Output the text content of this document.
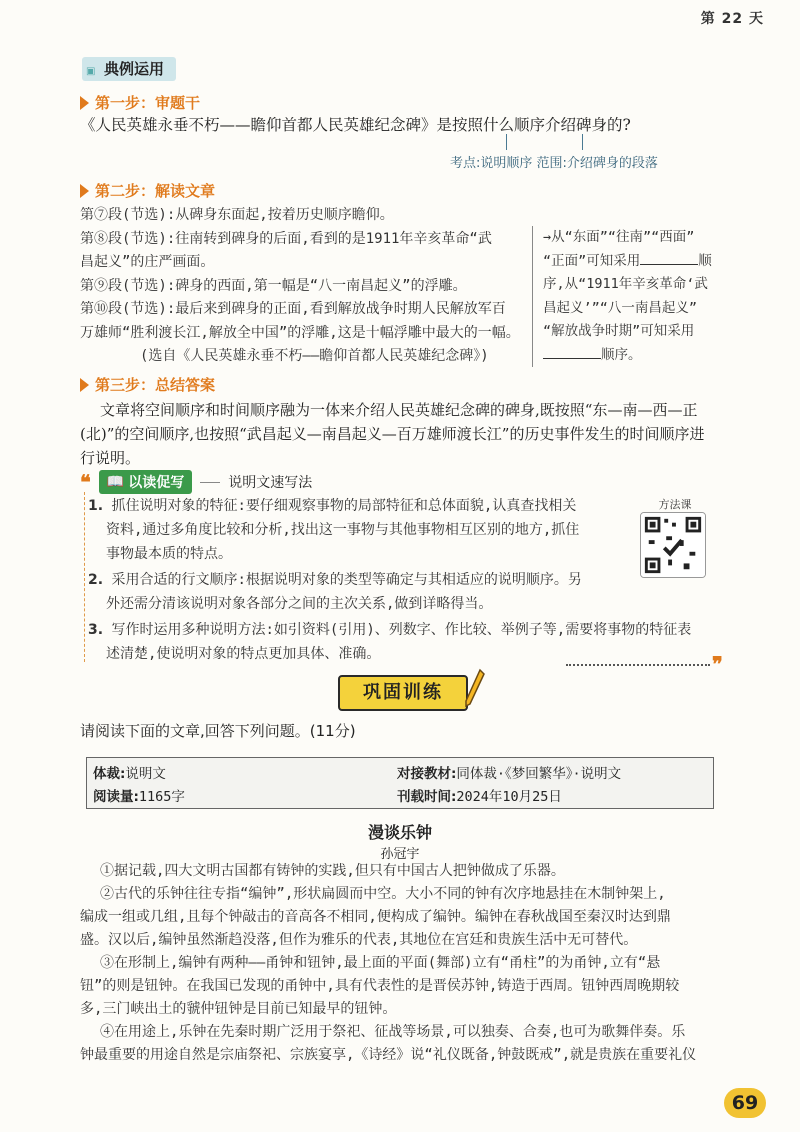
第 22 天
▣ 典例运用
第一步：审题干
《人民英雄永垂不朽——瞻仰首都人民英雄纪念碑》是按照什么顺序介绍碑身的?
考点:说明顺序 范围:介绍碑身的段落
第二步：解读文章
第⑦段(节选):从碑身东面起,按着历史顺序瞻仰。
第⑧段(节选):往南转到碑身的后面,看到的是1911年辛亥革命“武
昌起义”的庄严画面。
第⑨段(节选):碑身的西面,第一幅是“八一南昌起义”的浮雕。
第⑩段(节选):最后来到碑身的正面,看到解放战争时期人民解放军百
万雄师“胜利渡长江,解放全中国”的浮雕,这是十幅浮雕中最大的一幅。
(选自《人民英雄永垂不朽——瞻仰首都人民英雄纪念碑》)
→从“东面”“往南”“西面”
“正面”可知采用	顺
序,从“1911年辛亥革命‘武
昌起义’”“八一南昌起义”
“解放战争时期”可知采用
顺序。
第三步：总结答案
文章将空间顺序和时间顺序融为一体来介绍人民英雄纪念碑的碑身,既按照“东—南—西—正
(北)”的空间顺序,也按照“武昌起义—南昌起义—百万雄师渡长江”的历史事件发生的时间顺序进
行说明。
❝ 📖 以读促写	说明文速写法
1. 抓住说明对象的特征:要仔细观察事物的局部特征和总体面貌,认真查找相关
资料,通过多角度比较和分析,找出这一事物与其他事物相互区别的地方,抓住
事物最本质的特点。
2. 采用合适的行文顺序:根据说明对象的类型等确定与其相适应的说明顺序。另
外还需分清该说明对象各部分之间的主次关系,做到详略得当。
3. 写作时运用多种说明方法:如引资料(引用)、列数字、作比较、举例子等,需要将事物的特征表
述清楚,使说明对象的特点更加具体、准确。
方法课
❞
巩固训练
请阅读下面的文章,回答下列问题。(11分)
体裁:说明文	对接教材:同体裁·《梦回繁华》·说明文
阅读量:1165字	刊载时间:2024年10月25日
漫谈乐钟
孙冠宇
①据记载,四大文明古国都有铸钟的实践,但只有中国古人把钟做成了乐器。
②古代的乐钟往往专指“编钟”,形状扁圆而中空。大小不同的钟有次序地悬挂在木制钟架上,
编成一组或几组,且每个钟敲击的音高各不相同,便构成了编钟。编钟在春秋战国至秦汉时达到鼎
盛。汉以后,编钟虽然渐趋没落,但作为雅乐的代表,其地位在宫廷和贵族生活中无可替代。
③在形制上,编钟有两种——甬钟和钮钟,最上面的平面(舞部)立有“甬柱”的为甬钟,立有“悬
钮”的则是钮钟。在我国已发现的甬钟中,具有代表性的是晋侯苏钟,铸造于西周。钮钟西周晚期较
多,三门峡出土的虢仲钮钟是目前已知最早的钮钟。
④在用途上,乐钟在先秦时期广泛用于祭祀、征战等场景,可以独奏、合奏,也可为歌舞伴奏。乐
钟最重要的用途自然是宗庙祭祀、宗族宴享,《诗经》说“礼仪既备,钟鼓既戒”,就是贵族在重要礼仪
69
